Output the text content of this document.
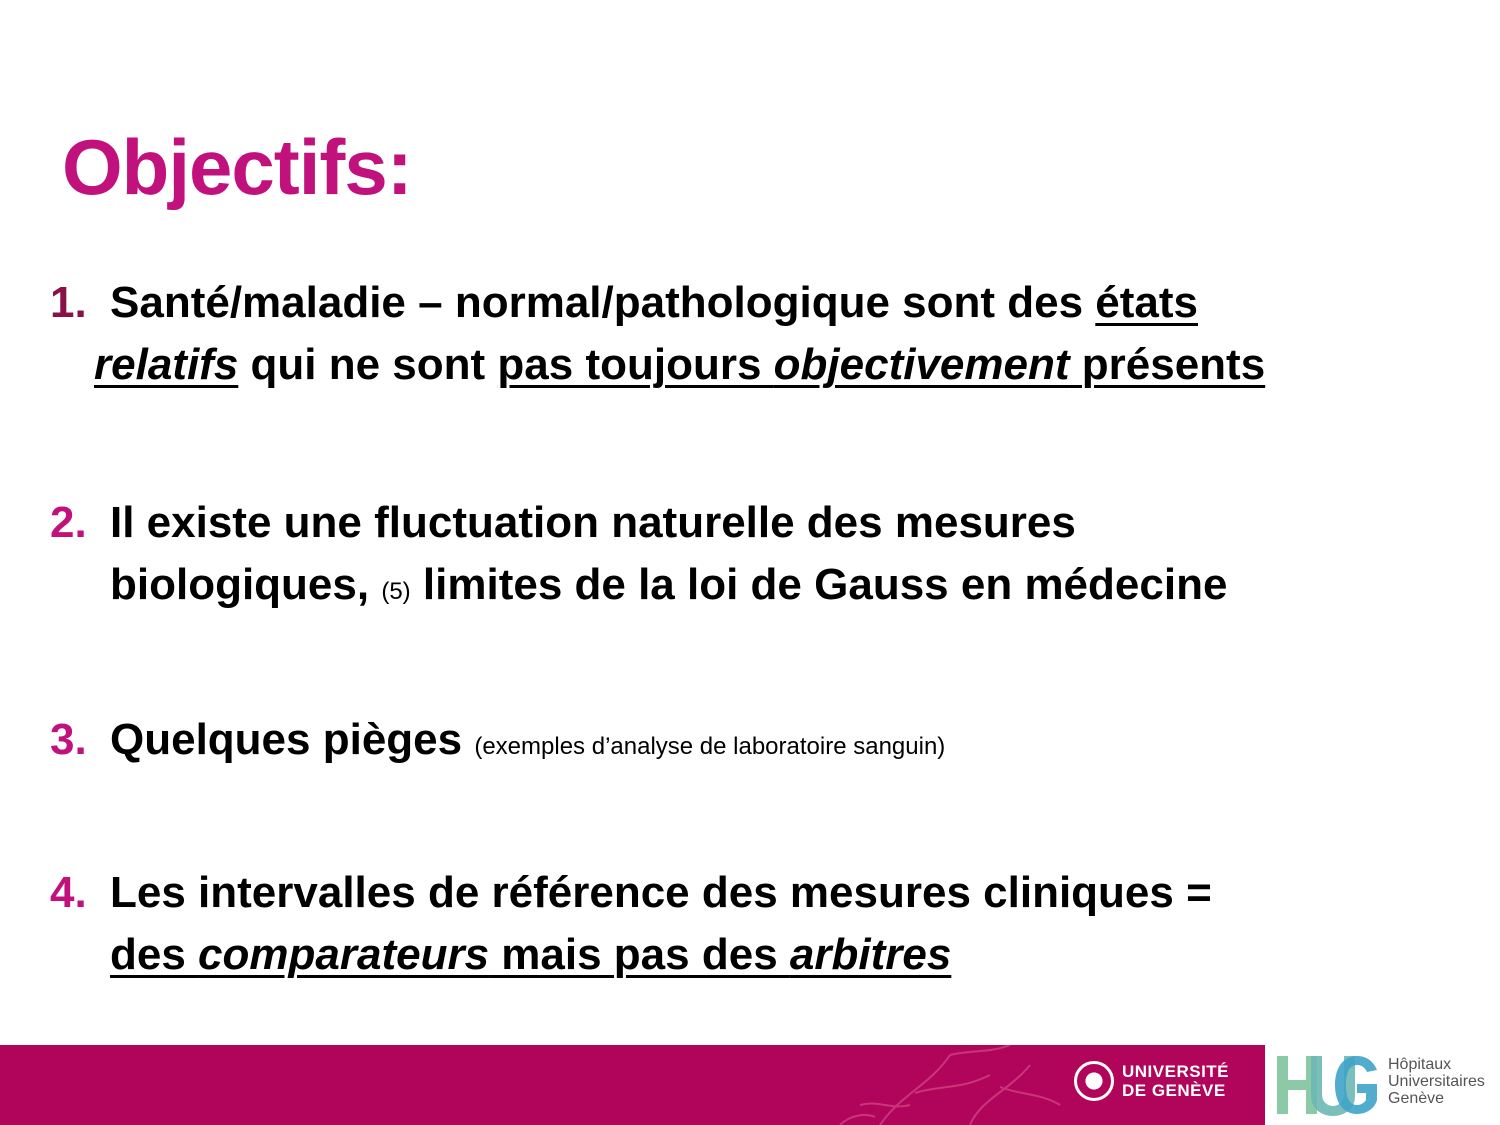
Objectifs:
1. Santé/maladie – normal/pathologique sont des états
relatifs qui ne sont pas toujours objectivement présents
2. Il existe une fluctuation naturelle des mesures
biologiques, (5) limites de la loi de Gauss en médecine
3. Quelques pièges (exemples d’analyse de laboratoire sanguin)
4. Les intervalles de référence des mesures cliniques =
des comparateurs mais pas des arbitres
UNIVERSITÉ
DE GENÈVE
Hôpitaux
Universitaires
Genève
